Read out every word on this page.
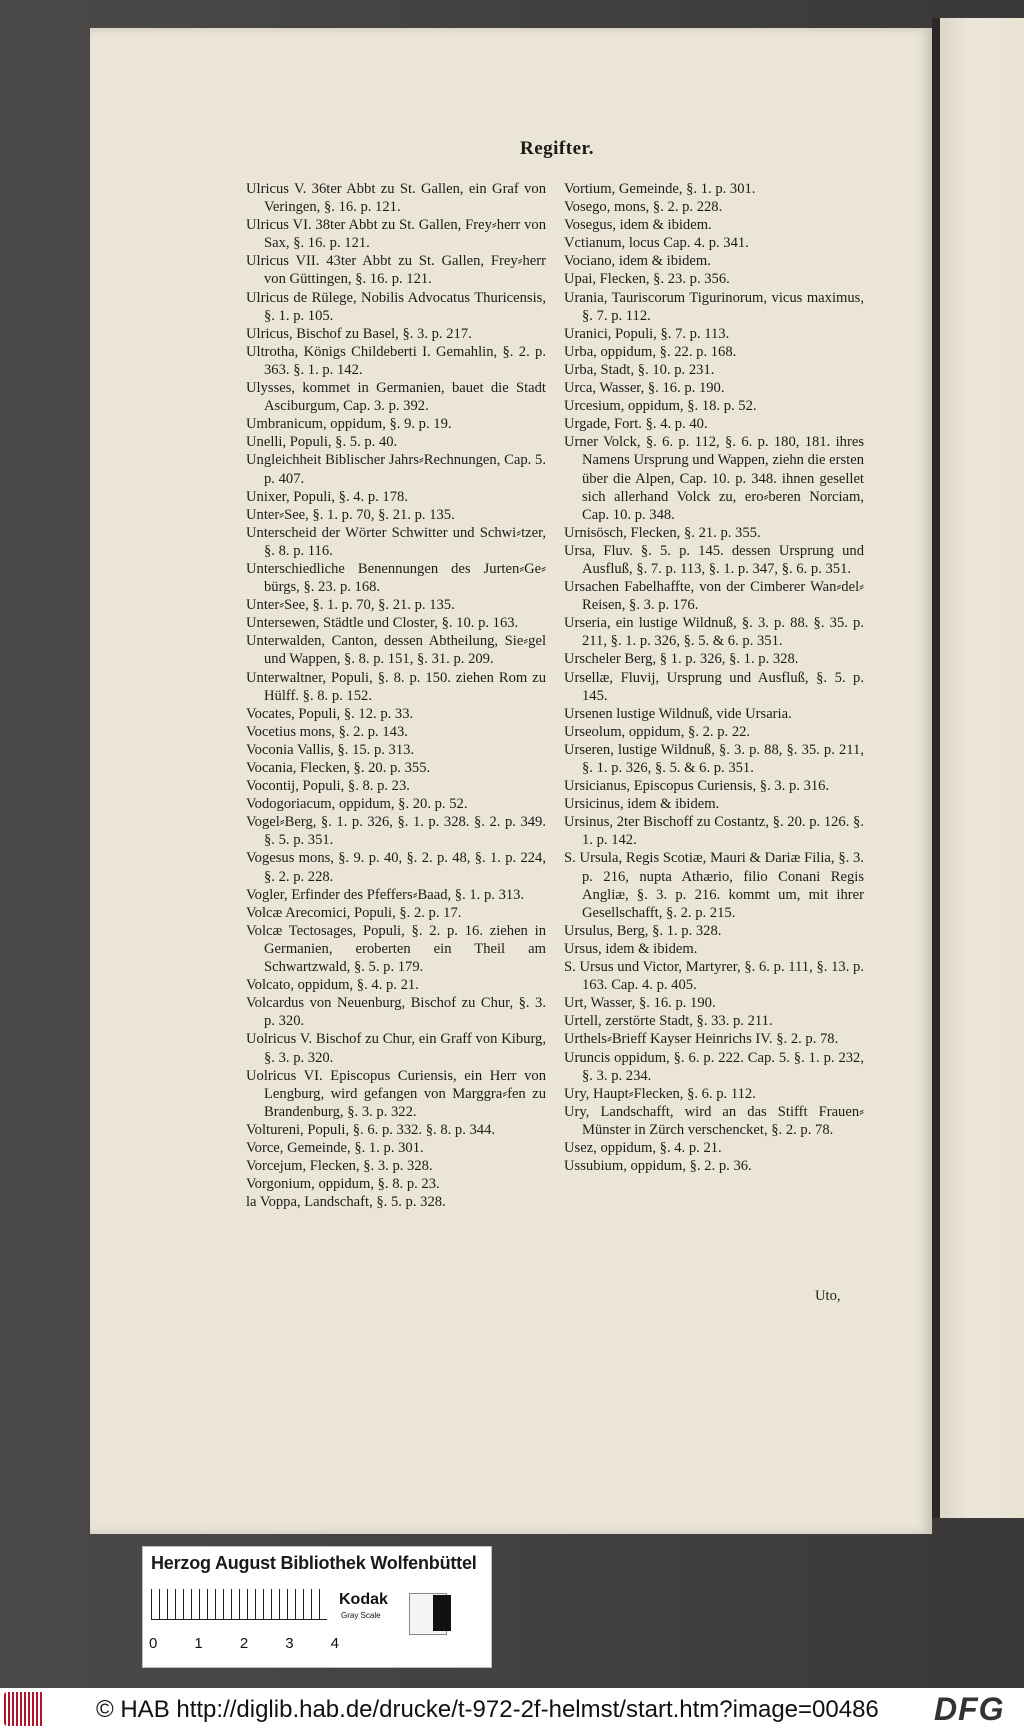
Regifter.

Ulricus V. 36ter Abbt zu St. Gallen, ein Graf von Veringen, §. 16. p. 121.

Ulricus VI. 38ter Abbt zu St. Gallen, Frey⸗herr von Sax, §. 16. p. 121.

Ulricus VII. 43ter Abbt zu St. Gallen, Frey⸗herr von Güttingen, §. 16. p. 121.

Ulricus de Rülege, Nobilis Advocatus Thuricensis, §. 1. p. 105.

Ulricus, Bischof zu Basel, §. 3. p. 217.

Ultrotha, Königs Childeberti I. Gemahlin, §. 2. p. 363. §. 1. p. 142.

Ulysses, kommet in Germanien, bauet die Stadt Asciburgum, Cap. 3. p. 392.

Umbranicum, oppidum, §. 9. p. 19.

Unelli, Populi, §. 5. p. 40.

Ungleichheit Biblischer Jahrs⸗Rechnungen, Cap. 5. p. 407.

Unixer, Populi, §. 4. p. 178.

Unter⸗See, §. 1. p. 70, §. 21. p. 135.

Unterscheid der Wörter Schwitter und Schwi⸗tzer, §. 8. p. 116.

Unterschiedliche Benennungen des Jurten⸗Ge⸗bürgs, §. 23. p. 168.

Unter⸗See, §. 1. p. 70, §. 21. p. 135.

Untersewen, Städtle und Closter, §. 10. p. 163.

Unterwalden, Canton, dessen Abtheilung, Sie⸗gel und Wappen, §. 8. p. 151, §. 31. p. 209.

Unterwaltner, Populi, §. 8. p. 150. ziehen Rom zu Hülff. §. 8. p. 152.

Vocates, Populi, §. 12. p. 33.

Vocetius mons, §. 2. p. 143.

Voconia Vallis, §. 15. p. 313.

Vocania, Flecken, §. 20. p. 355.

Vocontij, Populi, §. 8. p. 23.

Vodogoriacum, oppidum, §. 20. p. 52.

Vogel⸗Berg, §. 1. p. 326, §. 1. p. 328. §. 2. p. 349. §. 5. p. 351.

Vogesus mons, §. 9. p. 40, §. 2. p. 48, §. 1. p. 224, §. 2. p. 228.

Vogler, Erfinder des Pfeffers⸗Baad, §. 1. p. 313.

Volcæ Arecomici, Populi, §. 2. p. 17.

Volcæ Tectosages, Populi, §. 2. p. 16. ziehen in Germanien, eroberten ein Theil am Schwartzwald, §. 5. p. 179.

Volcato, oppidum, §. 4. p. 21.

Volcardus von Neuenburg, Bischof zu Chur, §. 3. p. 320.

Uolricus V. Bischof zu Chur, ein Graff von Kiburg, §. 3. p. 320.

Uolricus VI. Episcopus Curiensis, ein Herr von Lengburg, wird gefangen von Marggra⸗fen zu Brandenburg, §. 3. p. 322.

Voltureni, Populi, §. 6. p. 332. §. 8. p. 344.

Vorce, Gemeinde, §. 1. p. 301.

Vorcejum, Flecken, §. 3. p. 328.

Vorgonium, oppidum, §. 8. p. 23.

la Voppa, Landschaft, §. 5. p. 328.

Vortium, Gemeinde, §. 1. p. 301.

Vosego, mons, §. 2. p. 228.

Vosegus, idem & ibidem.

Vctianum, locus Cap. 4. p. 341.

Vociano, idem & ibidem.

Upai, Flecken, §. 23. p. 356.

Urania, Tauriscorum Tigurinorum, vicus maximus, §. 7. p. 112.

Uranici, Populi, §. 7. p. 113.

Urba, oppidum, §. 22. p. 168.

Urba, Stadt, §. 10. p. 231.

Urca, Wasser, §. 16. p. 190.

Urcesium, oppidum, §. 18. p. 52.

Urgade, Fort. §. 4. p. 40.

Urner Volck, §. 6. p. 112, §. 6. p. 180, 181. ihres Namens Ursprung und Wappen, ziehn die ersten über die Alpen, Cap. 10. p. 348. ihnen gesellet sich allerhand Volck zu, ero⸗beren Norciam, Cap. 10. p. 348.

Urnisösch, Flecken, §. 21. p. 355.

Ursa, Fluv. §. 5. p. 145. dessen Ursprung und Ausfluß, §. 7. p. 113, §. 1. p. 347, §. 6. p. 351.

Ursachen Fabelhaffte, von der Cimberer Wan⸗del⸗Reisen, §. 3. p. 176.

Urseria, ein lustige Wildnuß, §. 3. p. 88. §. 35. p. 211, §. 1. p. 326, §. 5. & 6. p. 351.

Urscheler Berg, § 1. p. 326, §. 1. p. 328.

Ursellæ, Fluvij, Ursprung und Ausfluß, §. 5. p. 145.

Ursenen lustige Wildnuß, vide Ursaria.

Urseolum, oppidum, §. 2. p. 22.

Urseren, lustige Wildnuß, §. 3. p. 88, §. 35. p. 211, §. 1. p. 326, §. 5. & 6. p. 351.

Ursicianus, Episcopus Curiensis, §. 3. p. 316.

Ursicinus, idem & ibidem.

Ursinus, 2ter Bischoff zu Costantz, §. 20. p. 126. §. 1. p. 142.

S. Ursula, Regis Scotiæ, Mauri & Dariæ Filia, §. 3. p. 216, nupta Athærio, filio Conani Regis Angliæ, §. 3. p. 216. kommt um, mit ihrer Gesellschafft, §. 2. p. 215.

Ursulus, Berg, §. 1. p. 328.

Ursus, idem & ibidem.

S. Ursus und Victor, Martyrer, §. 6. p. 111, §. 13. p. 163. Cap. 4. p. 405.

Urt, Wasser, §. 16. p. 190.

Urtell, zerstörte Stadt, §. 33. p. 211.

Urthels⸗Brieff Kayser Heinrichs IV. §. 2. p. 78.

Uruncis oppidum, §. 6. p. 222. Cap. 5. §. 1. p. 232, §. 3. p. 234.

Ury, Haupt⸗Flecken, §. 6. p. 112.

Ury, Landschafft, wird an das Stifft Frauen⸗Münster in Zürch verschencket, §. 2. p. 78.

Usez, oppidum, §. 4. p. 21.

Ussubium, oppidum, §. 2. p. 36.

Uto,
Herzog August Bibliothek Wolfenbüttel
0 1 2 3 4
Kodak
Gray Scale
© HAB http://diglib.hab.de/drucke/t-972-2f-helmst/start.htm?image=00486 DFG
